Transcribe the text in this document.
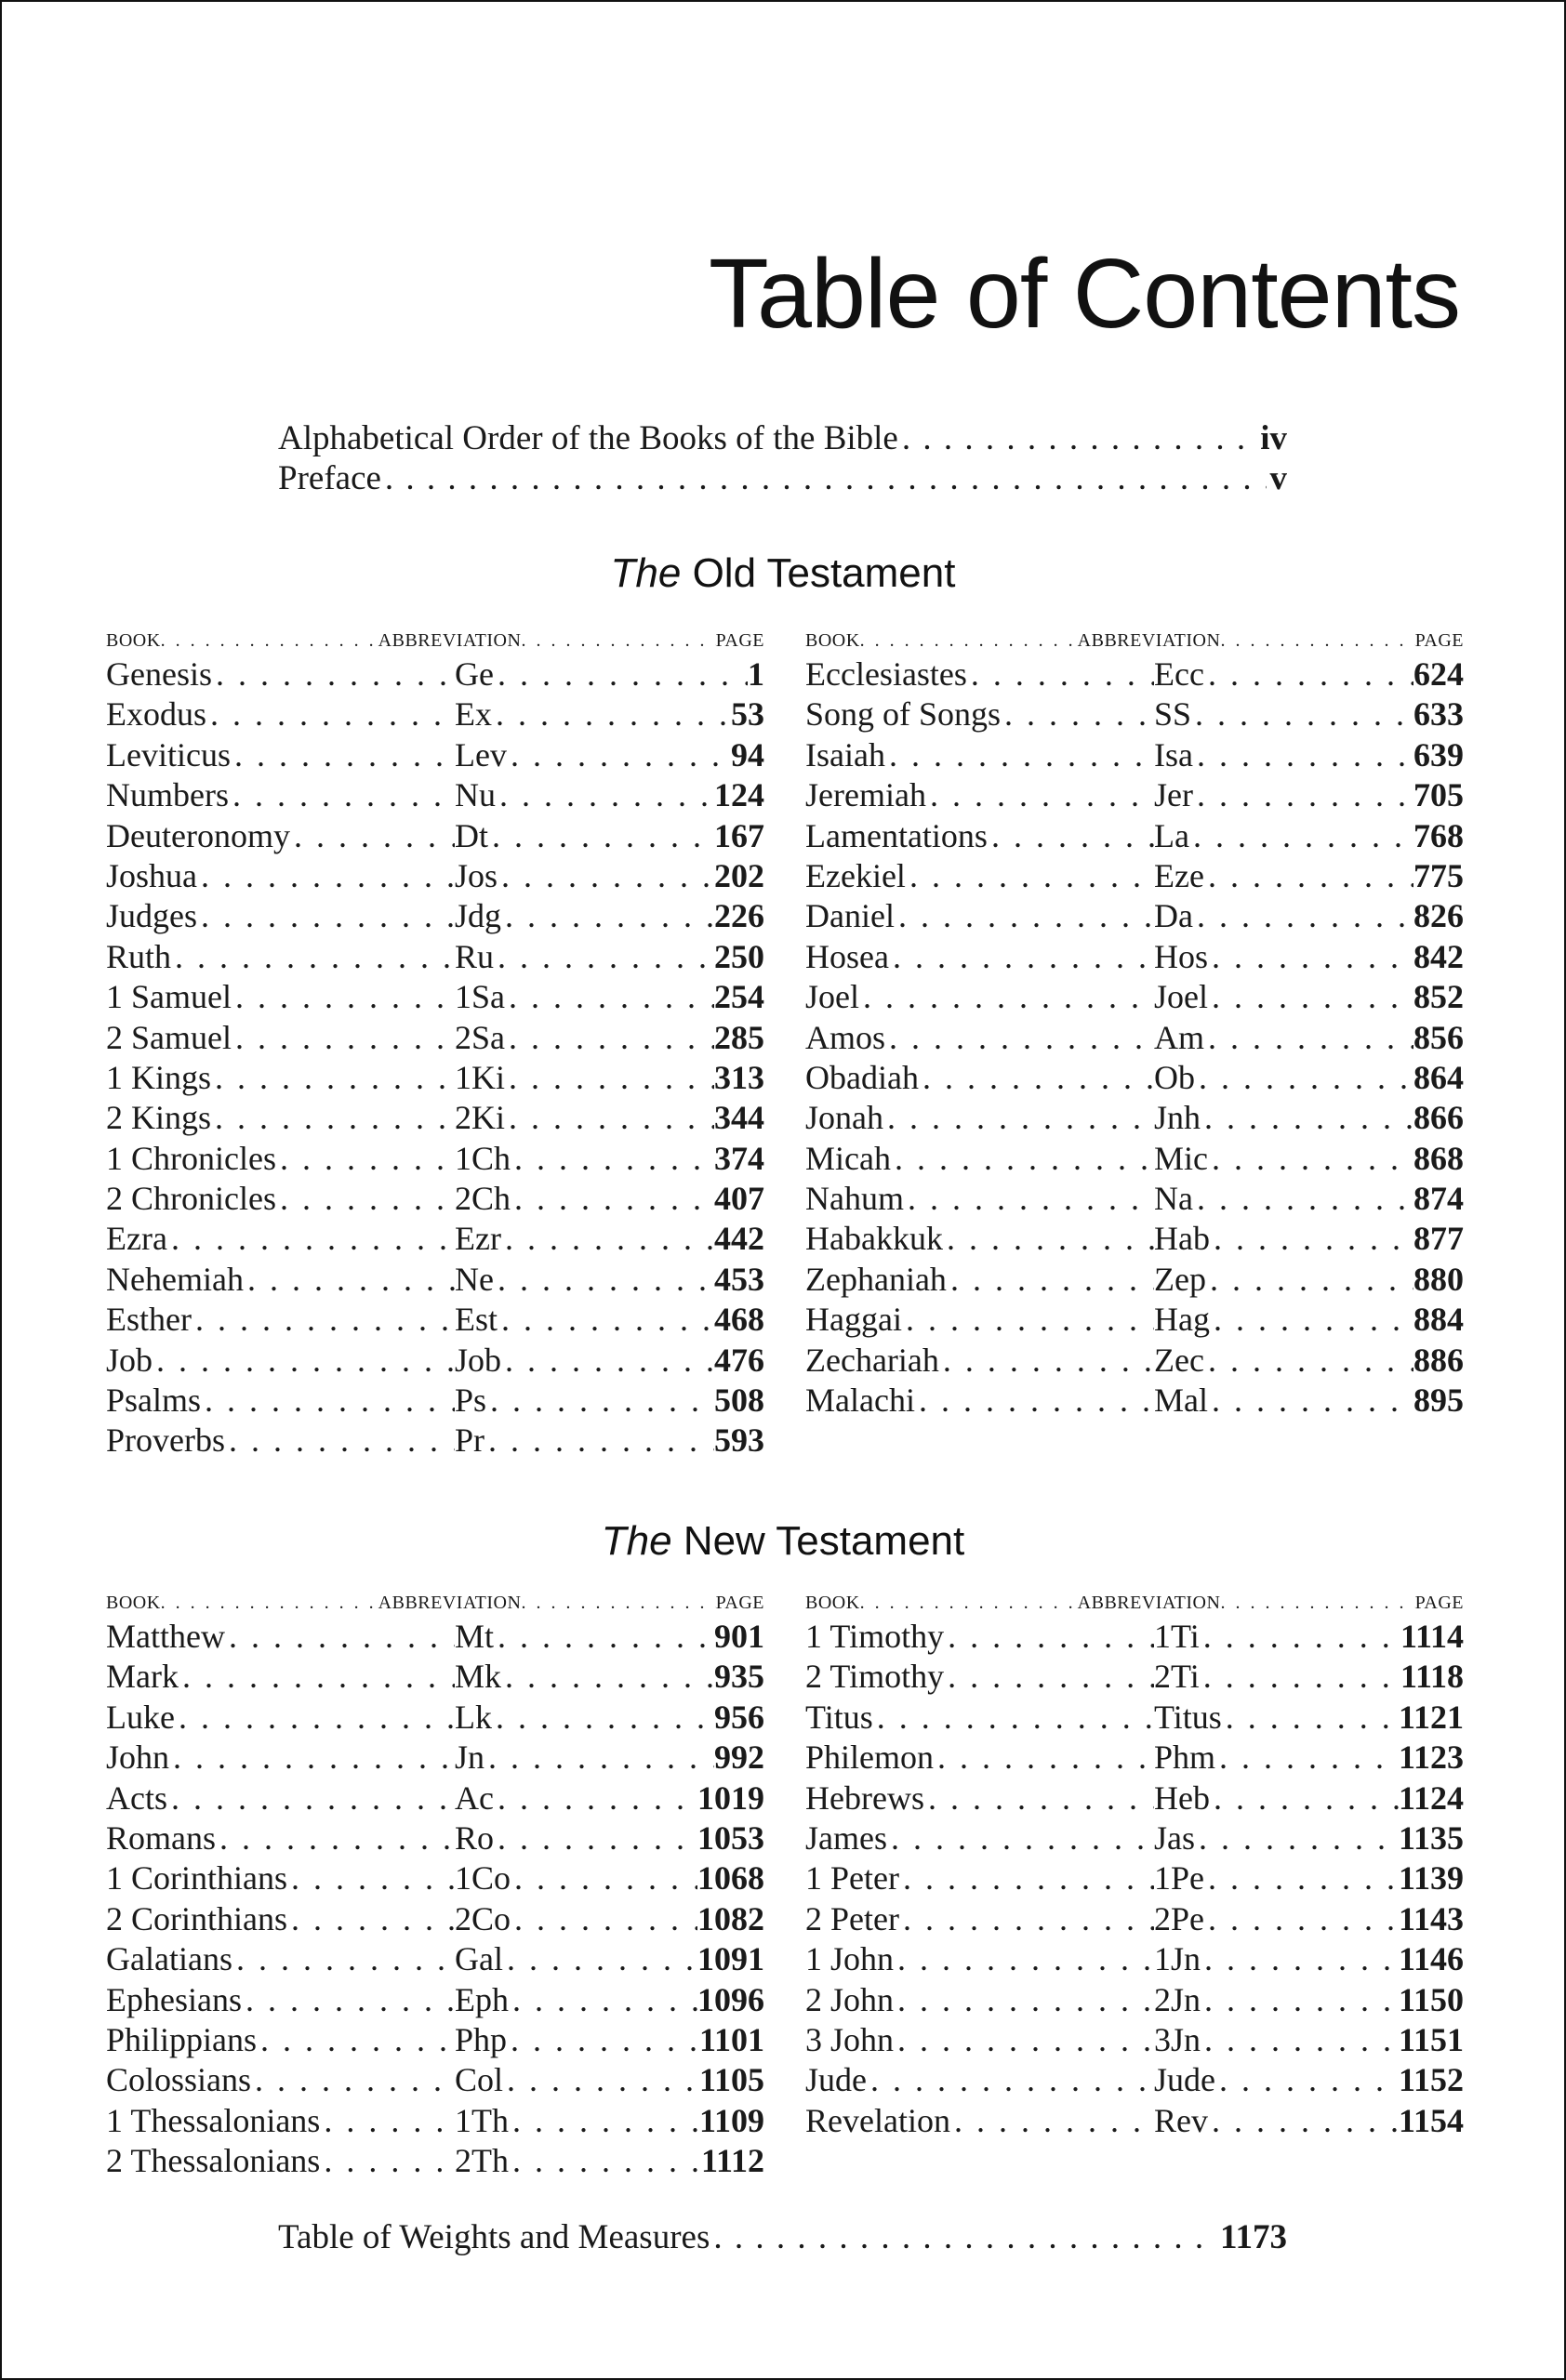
Table of Contents
Alphabetical Order of the Books of the Bible . . .	iv
Preface . . .	v
The Old Testament
BOOK . . .	ABBREVIATION . . .	PAGE
Genesis . . .	Ge . . .	1
Exodus . . .	Ex . . .	53
Leviticus . . .	Lev . . .	94
Numbers . . .	Nu . . .	124
Deuteronomy . . .	Dt . . .	167
Joshua . . .	Jos . . .	202
Judges . . .	Jdg . . .	226
Ruth . . .	Ru . . .	250
1 Samuel . . .	1Sa . . .	254
2 Samuel . . .	2Sa . . .	285
1 Kings . . .	1Ki . . .	313
2 Kings . . .	2Ki . . .	344
1 Chronicles . . .	1Ch . . .	374
2 Chronicles . . .	2Ch . . .	407
Ezra . . .	Ezr . . .	442
Nehemiah . . .	Ne . . .	453
Esther . . .	Est . . .	468
Job . . .	Job . . .	476
Psalms . . .	Ps . . .	508
Proverbs . . .	Pr . . .	593
BOOK . . .	ABBREVIATION . . .	PAGE
Ecclesiastes . . .	Ecc . . .	624
Song of Songs . . .	SS . . .	633
Isaiah . . .	Isa . . .	639
Jeremiah . . .	Jer . . .	705
Lamentations . . .	La . . .	768
Ezekiel . . .	Eze . . .	775
Daniel . . .	Da . . .	826
Hosea . . .	Hos . . .	842
Joel . . .	Joel . . .	852
Amos . . .	Am . . .	856
Obadiah . . .	Ob . . .	864
Jonah . . .	Jnh . . .	866
Micah . . .	Mic . . .	868
Nahum . . .	Na . . .	874
Habakkuk . . .	Hab . . .	877
Zephaniah . . .	Zep . . .	880
Haggai . . .	Hag . . .	884
Zechariah . . .	Zec . . .	886
Malachi . . .	Mal . . .	895
The New Testament
BOOK . . .	ABBREVIATION . . .	PAGE
Matthew . . .	Mt . . .	901
Mark . . .	Mk . . .	935
Luke . . .	Lk . . .	956
John . . .	Jn . . .	992
Acts . . .	Ac . . .	1019
Romans . . .	Ro . . .	1053
1 Corinthians . . .	1Co . . .	1068
2 Corinthians . . .	2Co . . .	1082
Galatians . . .	Gal . . .	1091
Ephesians . . .	Eph . . .	1096
Philippians . . .	Php . . .	1101
Colossians . . .	Col . . .	1105
1 Thessalonians . . .	1Th . . .	1109
2 Thessalonians . . .	2Th . . .	1112
BOOK . . .	ABBREVIATION . . .	PAGE
1 Timothy . . .	1Ti . . .	1114
2 Timothy . . .	2Ti . . .	1118
Titus . . .	Titus . . .	1121
Philemon . . .	Phm . . .	1123
Hebrews . . .	Heb . . .	1124
James . . .	Jas . . .	1135
1 Peter . . .	1Pe . . .	1139
2 Peter . . .	2Pe . . .	1143
1 John . . .	1Jn . . .	1146
2 John . . .	2Jn . . .	1150
3 John . . .	3Jn . . .	1151
Jude . . .	Jude . . .	1152
Revelation . . .	Rev . . .	1154
Table of Weights and Measures . . .	1173
